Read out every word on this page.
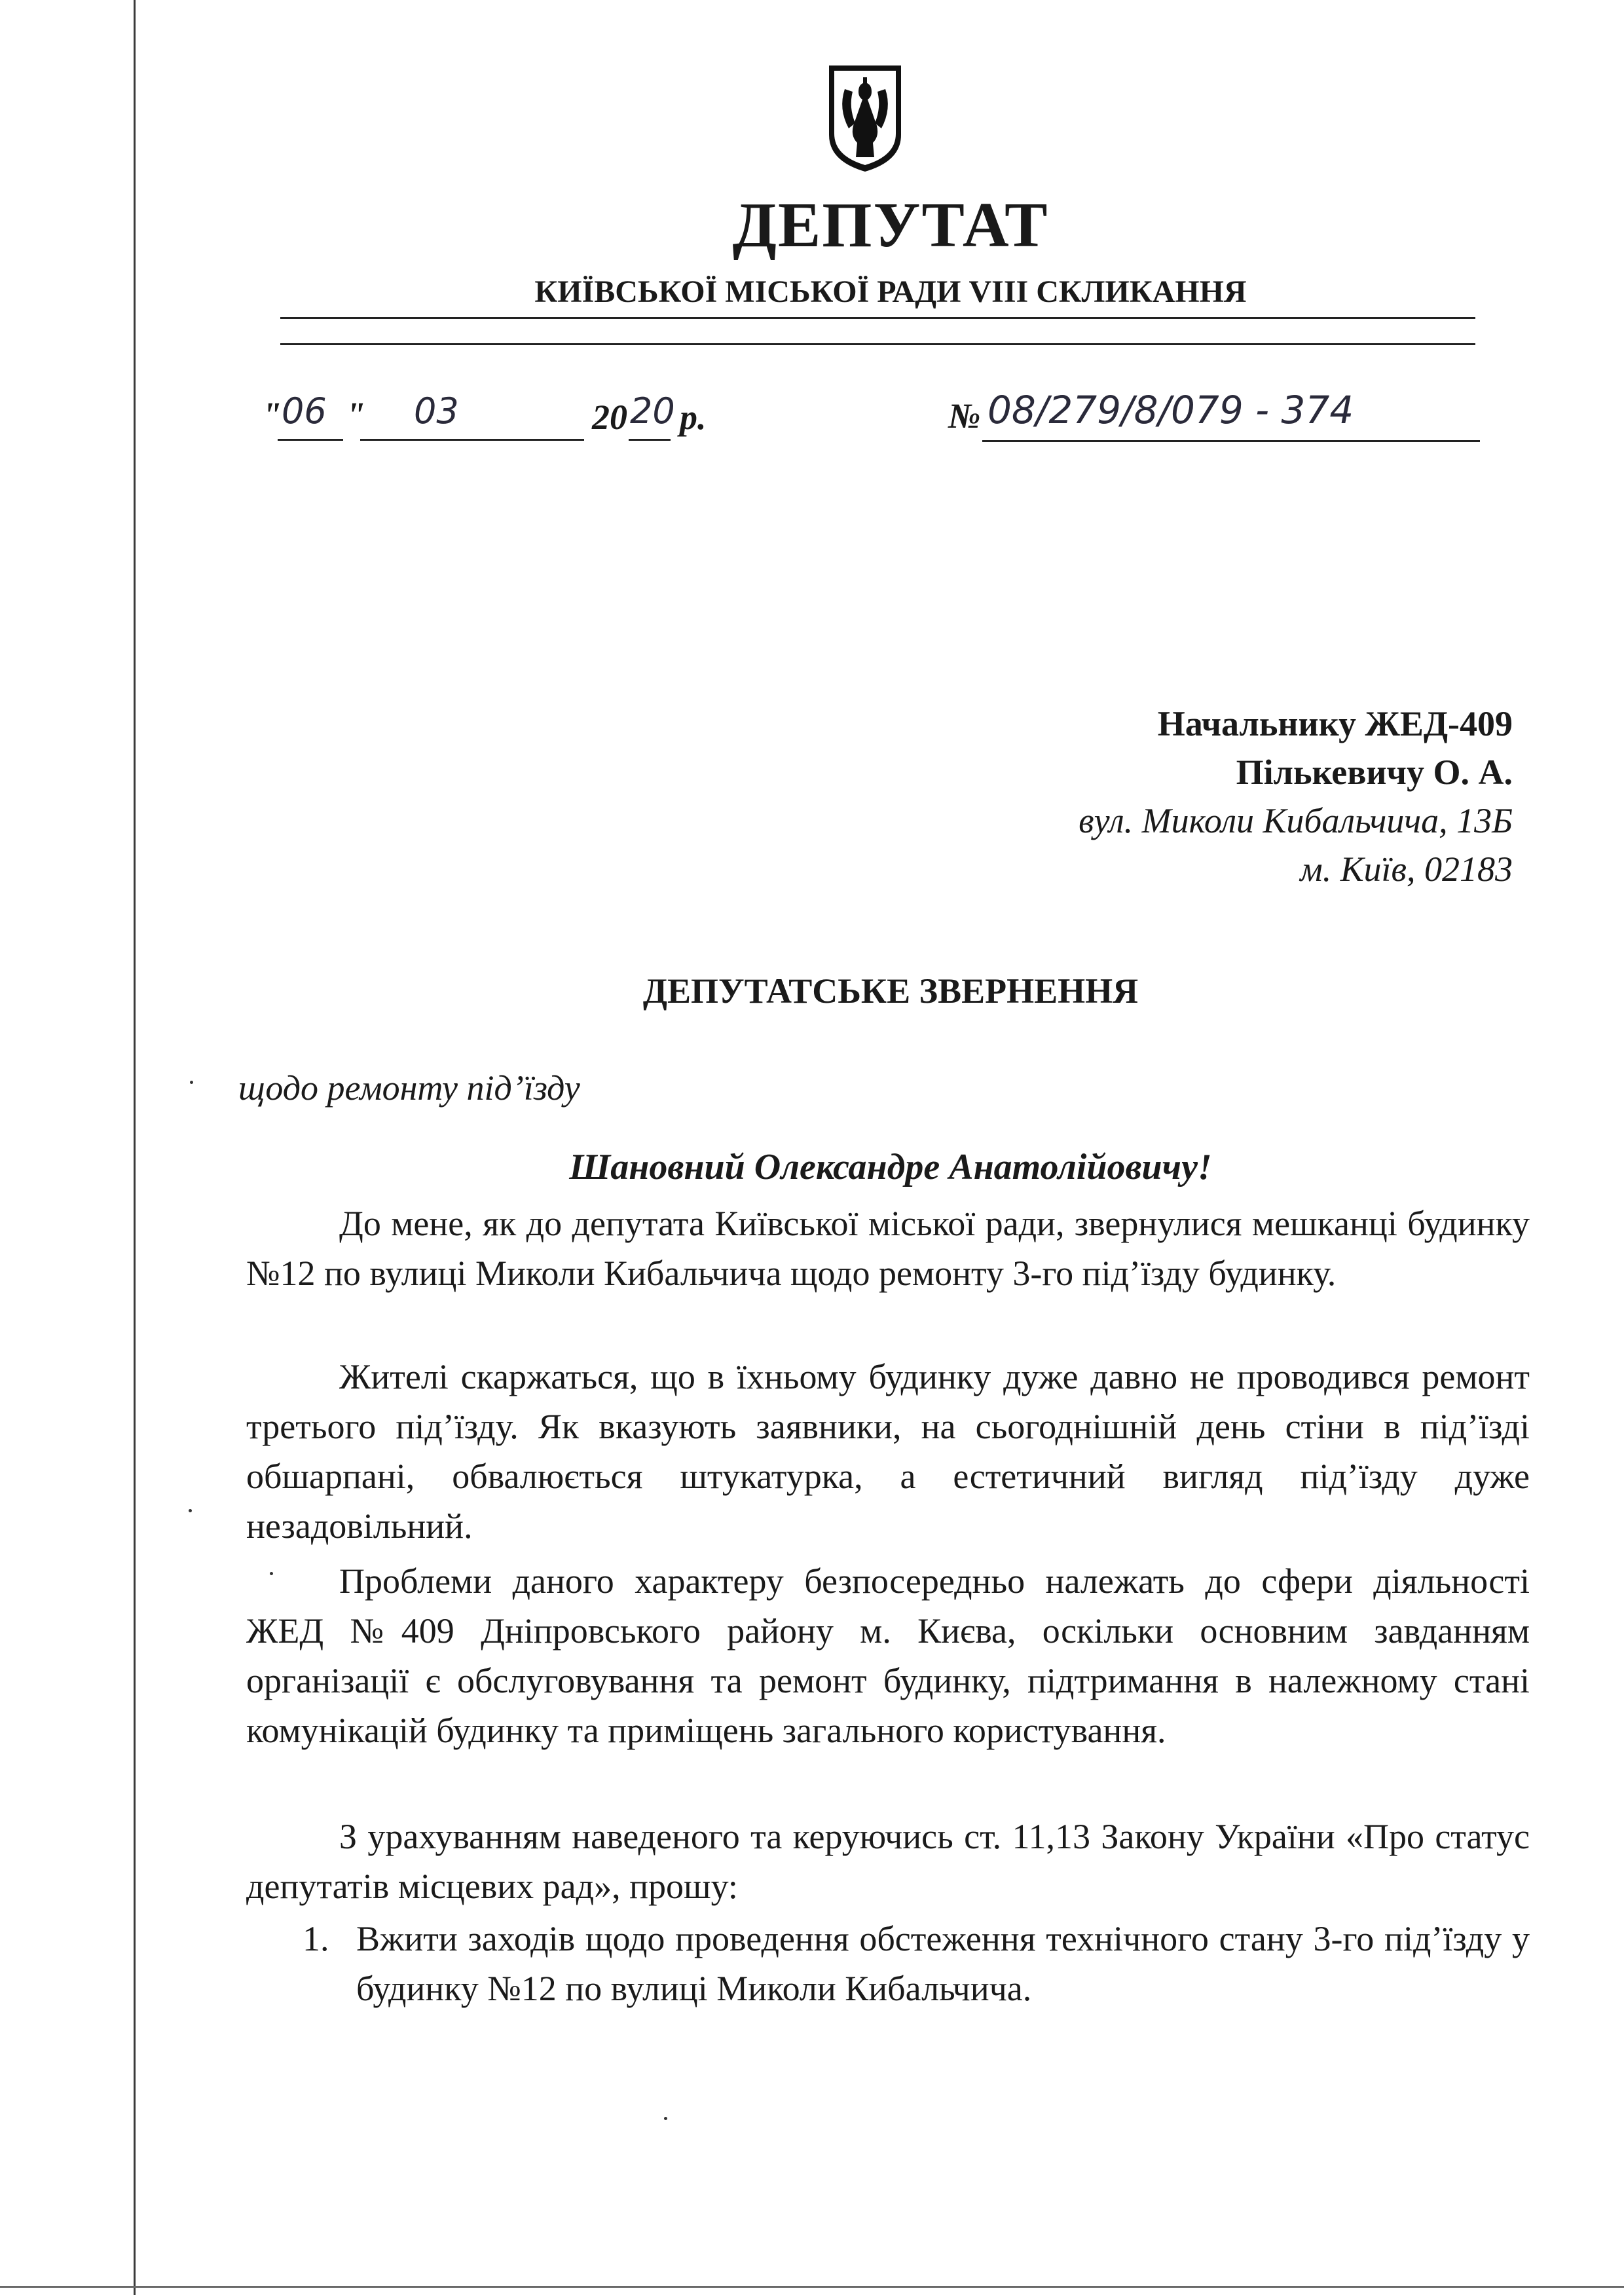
ДЕПУТАТ
КИЇВСЬКОЇ МІСЬКОЇ РАДИ VIII СКЛИКАННЯ
" 06 " 03	20 20 р.	№ 08/279/8/079 - 374
Начальнику ЖЕД-409
Пількевичу О. А.
вул. Миколи Кибальчича, 13Б
м. Київ, 02183
ДЕПУТАТСЬКЕ ЗВЕРНЕННЯ
щодо ремонту під’їзду
Шановний Олександре Анатолійовичу!
До мене, як до депутата Київської міської ради, звернулися мешканці будинку №12 по вулиці Миколи Кибальчича щодо ремонту 3-го під’їзду будинку.
Жителі скаржаться, що в їхньому будинку дуже давно не проводився ремонт третього під’їзду. Як вказують заявники, на сьогоднішній день стіни в під’їзді обшарпані, обвалюється штукатурка, а естетичний вигляд під’їзду дуже незадовільний.
Проблеми даного характеру безпосередньо належать до сфери діяльності ЖЕД №409 Дніпровського району м. Києва, оскільки основним завданням організації є обслуговування та ремонт будинку, підтримання в належному стані комунікацій будинку та приміщень загального користування.
З урахуванням наведеного та керуючись ст. 11,13 Закону України «Про статус депутатів місцевих рад», прошу:
1. Вжити заходів щодо проведення обстеження технічного стану 3-го під’їзду у будинку №12 по вулиці Миколи Кибальчича.
